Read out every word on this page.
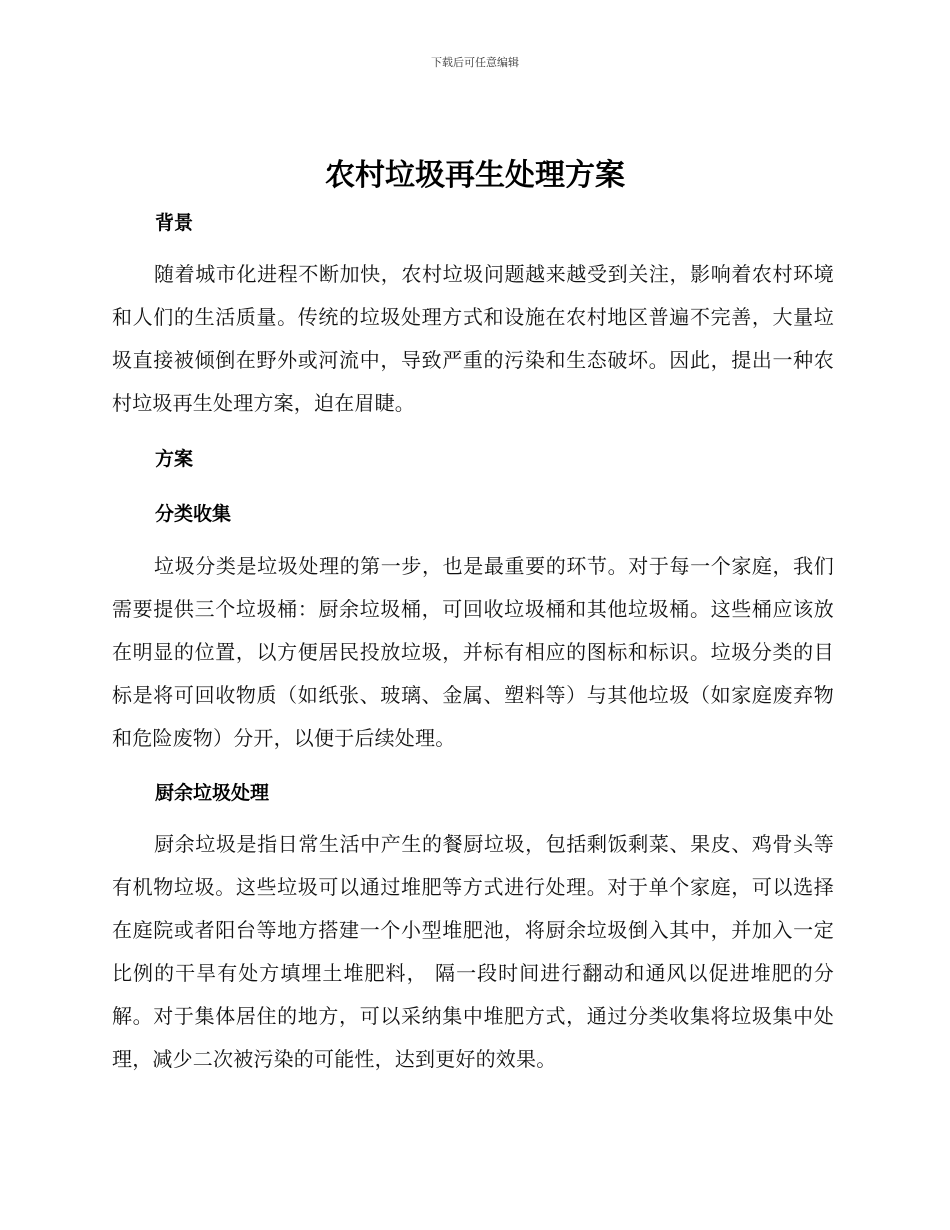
下载后可任意编辑
农村垃圾再生处理方案
背景

随着城市化进程不断加快，农村垃圾问题越来越受到关注，影响着农村环境和人们的生活质量。传统的垃圾处理方式和设施在农村地区普遍不完善，大量垃圾直接被倾倒在野外或河流中，导致严重的污染和生态破坏。因此，提出一种农村垃圾再生处理方案，迫在眉睫。

方案
分类收集

垃圾分类是垃圾处理的第一步，也是最重要的环节。对于每一个家庭，我们需要提供三个垃圾桶：厨余垃圾桶，可回收垃圾桶和其他垃圾桶。这些桶应该放在明显的位置，以方便居民投放垃圾，并标有相应的图标和标识。垃圾分类的目标是将可回收物质（如纸张、玻璃、金属、塑料等）与其他垃圾（如家庭废弃物和危险废物）分开，以便于后续处理。

厨余垃圾处理

厨余垃圾是指日常生活中产生的餐厨垃圾，包括剩饭剩菜、果皮、鸡骨头等有机物垃圾。这些垃圾可以通过堆肥等方式进行处理。对于单个家庭，可以选择在庭院或者阳台等地方搭建一个小型堆肥池，将厨余垃圾倒入其中，并加入一定比例的干旱有处方填埋土堆肥料， 隔一段时间进行翻动和通风以促进堆肥的分解。对于集体居住的地方，可以采纳集中堆肥方式，通过分类收集将垃圾集中处理，减少二次被污染的可能性，达到更好的效果。
